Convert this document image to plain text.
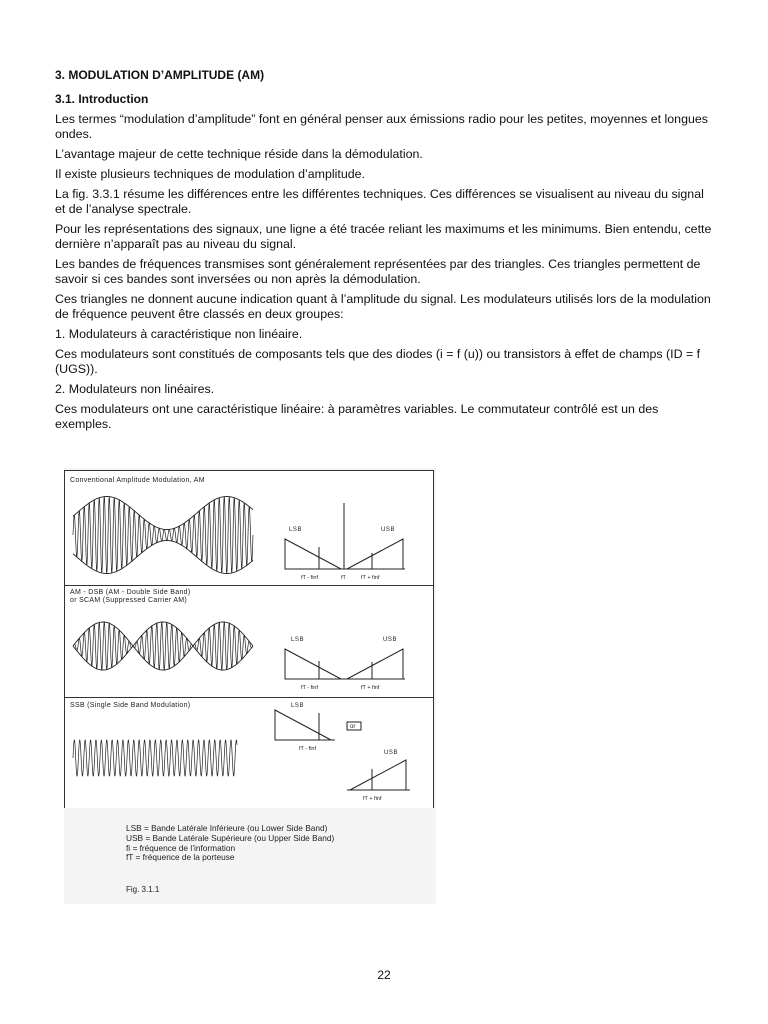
3. MODULATION D’AMPLITUDE (AM)
3.1. Introduction
Les termes “modulation d’amplitude” font en général penser aux émissions radio pour les petites, moyennes et longues ondes.
L’avantage majeur de cette technique réside dans la démodulation.
Il existe plusieurs techniques de modulation d’amplitude.
La fig. 3.3.1 résume les différences entre les différentes techniques. Ces différences se visualisent au niveau du signal et de l’analyse spectrale.
Pour les représentations des signaux, une ligne a été tracée reliant les maximums et les minimums. Bien entendu, cette dernière n’apparaît pas au niveau du signal.
Les bandes de fréquences transmises sont généralement représentées par des triangles. Ces triangles permettent de savoir si ces bandes sont inversées ou non après la démodulation.
Ces triangles ne donnent aucune indication quant à l’amplitude du signal. Les modulateurs utilisés lors de la modulation de fréquence peuvent être classés en deux groupes:
1. Modulateurs à caractéristique non linéaire.
Ces modulateurs sont constitués de composants tels que des diodes (i = f (u)) ou transistors à effet de champs (ID = f (UGS)).
2. Modulateurs non linéaires.
Ces modulateurs ont une caractéristique linéaire: à paramètres variables. Le commutateur contrôlé est un des exemples.
Conventional Amplitude Modulation, AM
LSB	USB
fT - finf	fT	fT + finf
AM - DSB (AM - Double Side Band)
or SCAM (Suppressed Carrier AM)
LSB	USB
fT - finf	fT + finf
SSB (Single Side Band Modulation)	LSB
or
fT - finf
USB
fT + finf
LSB = Bande Latérale Inférieure (ou Lower Side Band)
USB = Bande Latérale Supérieure (ou Upper Side Band)
fi = fréquence de l’information
fT = fréquence de la porteuse
Fig. 3.1.1
22
